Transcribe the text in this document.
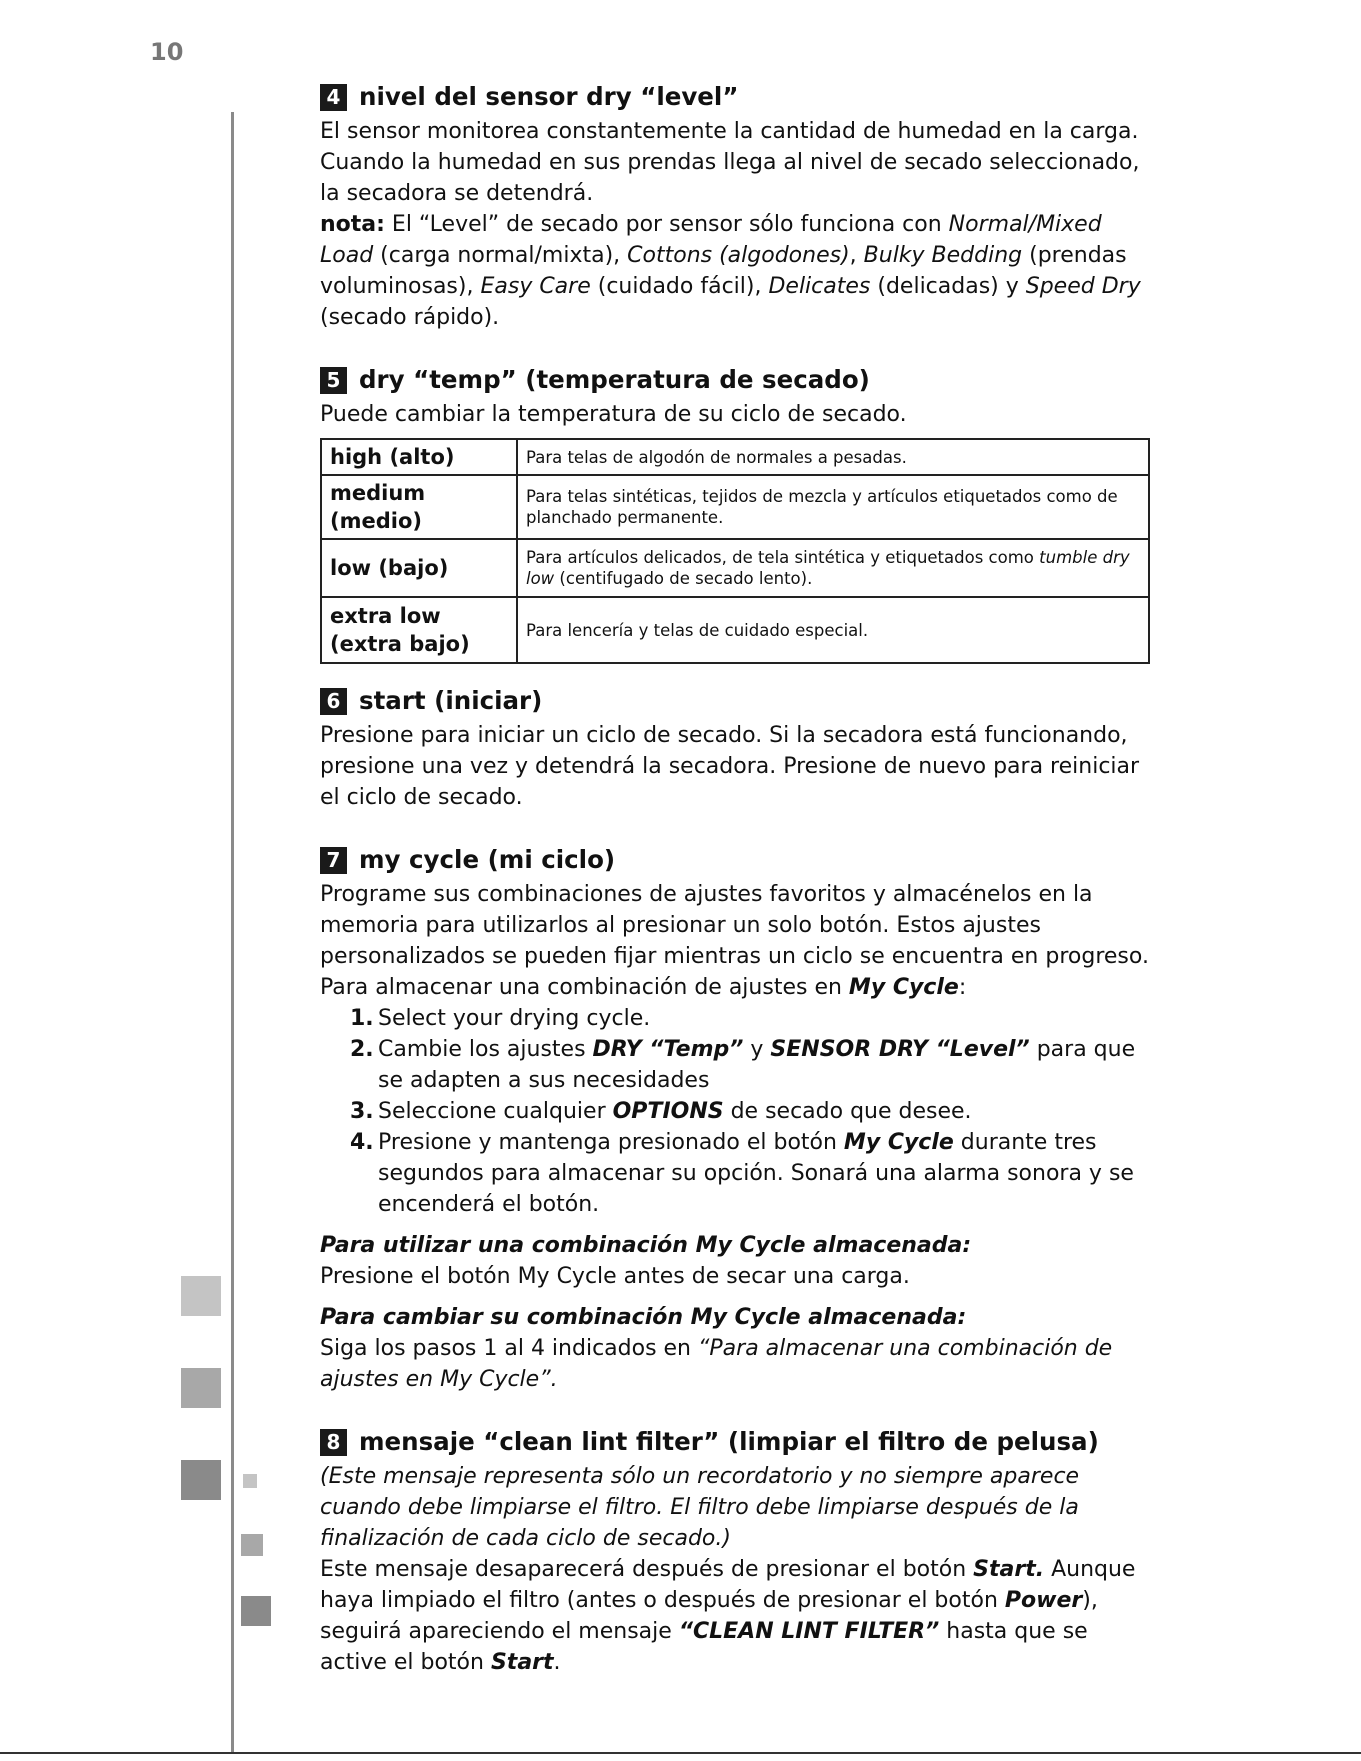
10
4 nivel del sensor dry “level”

El sensor monitorea constantemente la cantidad de humedad en la carga. Cuando la humedad en sus prendas llega al nivel de secado seleccionado, la secadora se detendrá.

nota: El “Level” de secado por sensor sólo funciona con Normal/Mixed Load (carga normal/mixta), Cottons (algodones), Bulky Bedding (prendas voluminosas), Easy Care (cuidado fácil), Delicates (delicadas) y Speed Dry (secado rápido).

5 dry “temp” (temperatura de secado)

Puede cambiar la temperatura de su ciclo de secado.

high (alto)	Para telas de algodón de normales a pesadas.
medium (medio)	Para telas sintéticas, tejidos de mezcla y artículos etiquetados como de planchado permanente.
low (bajo)	Para artículos delicados, de tela sintética y etiquetados como tumble dry low (centifugado de secado lento).
extra low (extra bajo)	Para lencería y telas de cuidado especial.
6 start (iniciar)

Presione para iniciar un ciclo de secado. Si la secadora está funcionando, presione una vez y detendrá la secadora. Presione de nuevo para reiniciar el ciclo de secado.

7 my cycle (mi ciclo)

Programe sus combinaciones de ajustes favoritos y almacénelos en la memoria para utilizarlos al presionar un solo botón. Estos ajustes personalizados se pueden fijar mientras un ciclo se encuentra en progreso.

Para almacenar una combinación de ajustes en My Cycle:

1. Select your drying cycle.
2. Cambie los ajustes DRY “Temp” y SENSOR DRY “Level” para que se adapten a sus necesidades
3. Seleccione cualquier OPTIONS de secado que desee.
4. Presione y mantenga presionado el botón My Cycle durante tres segundos para almacenar su opción. Sonará una alarma sonora y se encenderá el botón.

Para utilizar una combinación My Cycle almacenada:

Presione el botón My Cycle antes de secar una carga.

Para cambiar su combinación My Cycle almacenada:

Siga los pasos 1 al 4 indicados en “Para almacenar una combinación de ajustes en My Cycle”.

8 mensaje “clean lint filter” (limpiar el filtro de pelusa)

(Este mensaje representa sólo un recordatorio y no siempre aparece cuando debe limpiarse el filtro. El filtro debe limpiarse después de la finalización de cada ciclo de secado.)

Este mensaje desaparecerá después de presionar el botón Start. Aunque haya limpiado el filtro (antes o después de presionar el botón Power), seguirá apareciendo el mensaje “CLEAN LINT FILTER” hasta que se active el botón Start.
